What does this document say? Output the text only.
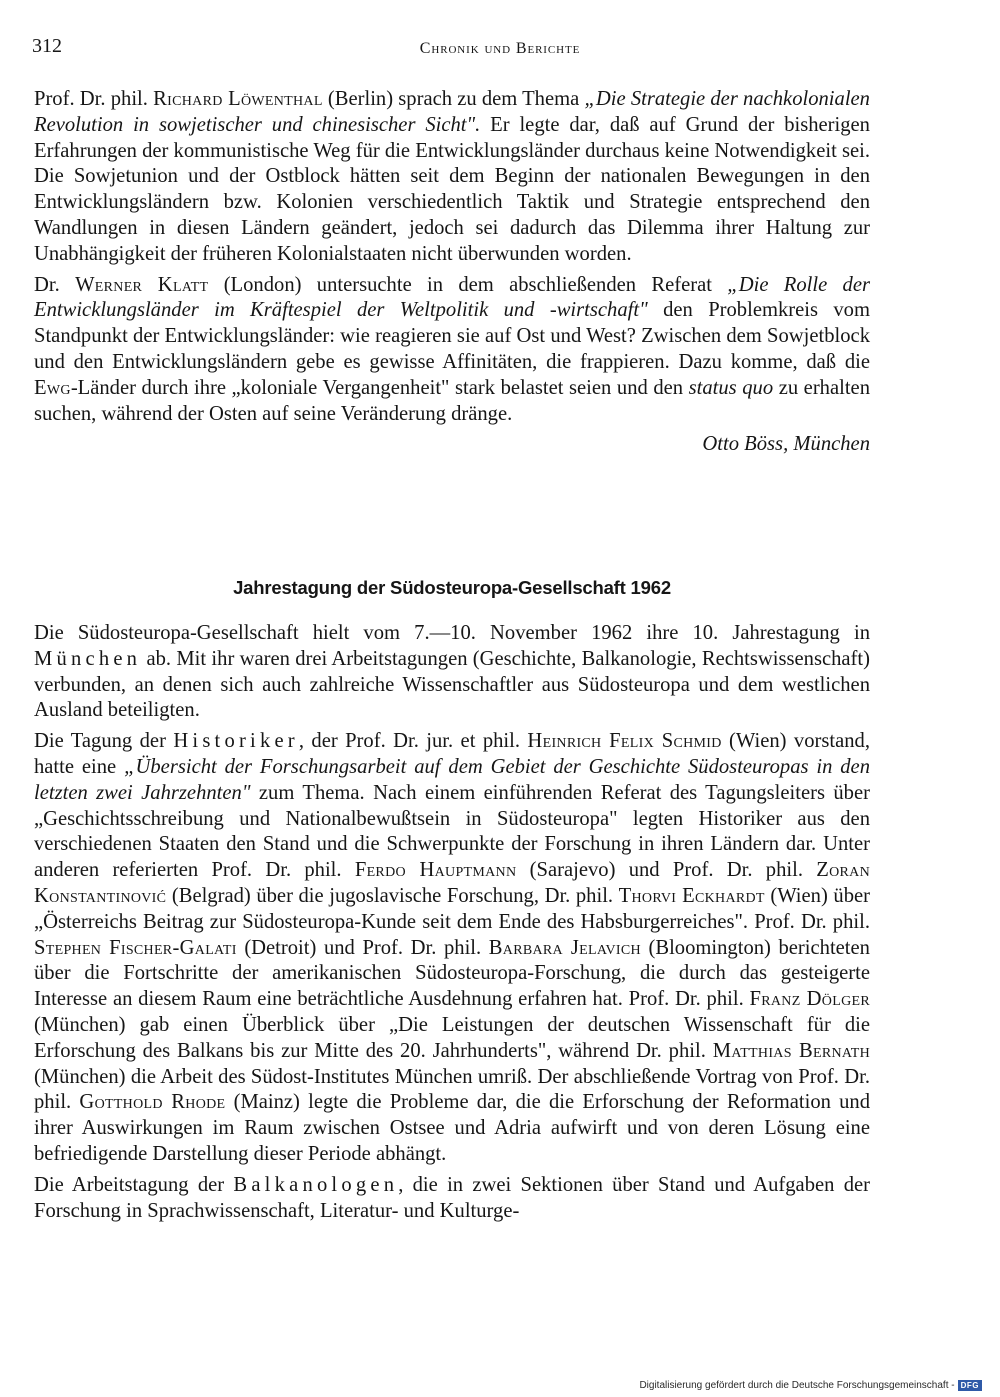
312	Chronik und Berichte

Prof. Dr. phil. Richard Löwenthal (Berlin) sprach zu dem Thema „Die Strategie der nachkolonialen Revolution in sowjetischer und chinesischer Sicht". Er legte dar, daß auf Grund der bisherigen Erfahrungen der kommunistische Weg für die Entwicklungsländer durchaus keine Notwendigkeit sei. Die Sowjetunion und der Ostblock hätten seit dem Beginn der nationalen Bewegungen in den Entwicklungsländern bzw. Kolonien verschiedentlich Taktik und Strategie entsprechend den Wandlungen in diesen Ländern geändert, jedoch sei dadurch das Dilemma ihrer Haltung zur Unabhängigkeit der früheren Kolonialstaaten nicht überwunden worden.

Dr. Werner Klatt (London) untersuchte in dem abschließenden Referat „Die Rolle der Entwicklungsländer im Kräftespiel der Weltpolitik und -wirtschaft" den Problemkreis vom Standpunkt der Entwicklungsländer: wie reagieren sie auf Ost und West? Zwischen dem Sowjetblock und den Entwicklungsländern gebe es gewisse Affinitäten, die frappieren. Dazu komme, daß die Ewg-Länder durch ihre „koloniale Vergangenheit" stark belastet seien und den status quo zu erhalten suchen, während der Osten auf seine Veränderung dränge.

Otto Böss, München
Jahrestagung der Südosteuropa-Gesellschaft 1962

Die Südosteuropa-Gesellschaft hielt vom 7.—10. November 1962 ihre 10. Jahrestagung in München ab. Mit ihr waren drei Arbeitstagungen (Geschichte, Balkanologie, Rechtswissenschaft) verbunden, an denen sich auch zahlreiche Wissenschaftler aus Südosteuropa und dem westlichen Ausland beteiligten.

Die Tagung der Historiker, der Prof. Dr. jur. et phil. Heinrich Felix Schmid (Wien) vorstand, hatte eine „Übersicht der Forschungsarbeit auf dem Gebiet der Geschichte Südosteuropas in den letzten zwei Jahrzehnten" zum Thema. Nach einem einführenden Referat des Tagungsleiters über „Geschichtsschreibung und Nationalbewußtsein in Südosteuropa" legten Historiker aus den verschiedenen Staaten den Stand und die Schwerpunkte der Forschung in ihren Ländern dar. Unter anderen referierten Prof. Dr. phil. Ferdo Hauptmann (Sarajevo) und Prof. Dr. phil. Zoran Konstantinović (Belgrad) über die jugoslavische Forschung, Dr. phil. Thorvi Eckhardt (Wien) über „Österreichs Beitrag zur Südosteuropa-Kunde seit dem Ende des Habsburgerreiches". Prof. Dr. phil. Stephen Fischer-Galati (Detroit) und Prof. Dr. phil. Barbara Jelavich (Bloomington) berichteten über die Fortschritte der amerikanischen Südosteuropa-Forschung, die durch das gesteigerte Interesse an diesem Raum eine beträchtliche Ausdehnung erfahren hat. Prof. Dr. phil. Franz Dölger (München) gab einen Überblick über „Die Leistungen der deutschen Wissenschaft für die Erforschung des Balkans bis zur Mitte des 20. Jahrhunderts", während Dr. phil. Matthias Bernath (München) die Arbeit des Südost-Institutes München umriß. Der abschließende Vortrag von Prof. Dr. phil. Gotthold Rhode (Mainz) legte die Probleme dar, die die Erforschung der Reformation und ihrer Auswirkungen im Raum zwischen Ostsee und Adria aufwirft und von deren Lösung eine befriedigende Darstellung dieser Periode abhängt.

Die Arbeitstagung der Balkanologen, die in zwei Sektionen über Stand und Aufgaben der Forschung in Sprachwissenschaft, Literatur- und Kulturge-

Digitalisierung gefördert durch die Deutsche Forschungsgemeinschaft - DFG
